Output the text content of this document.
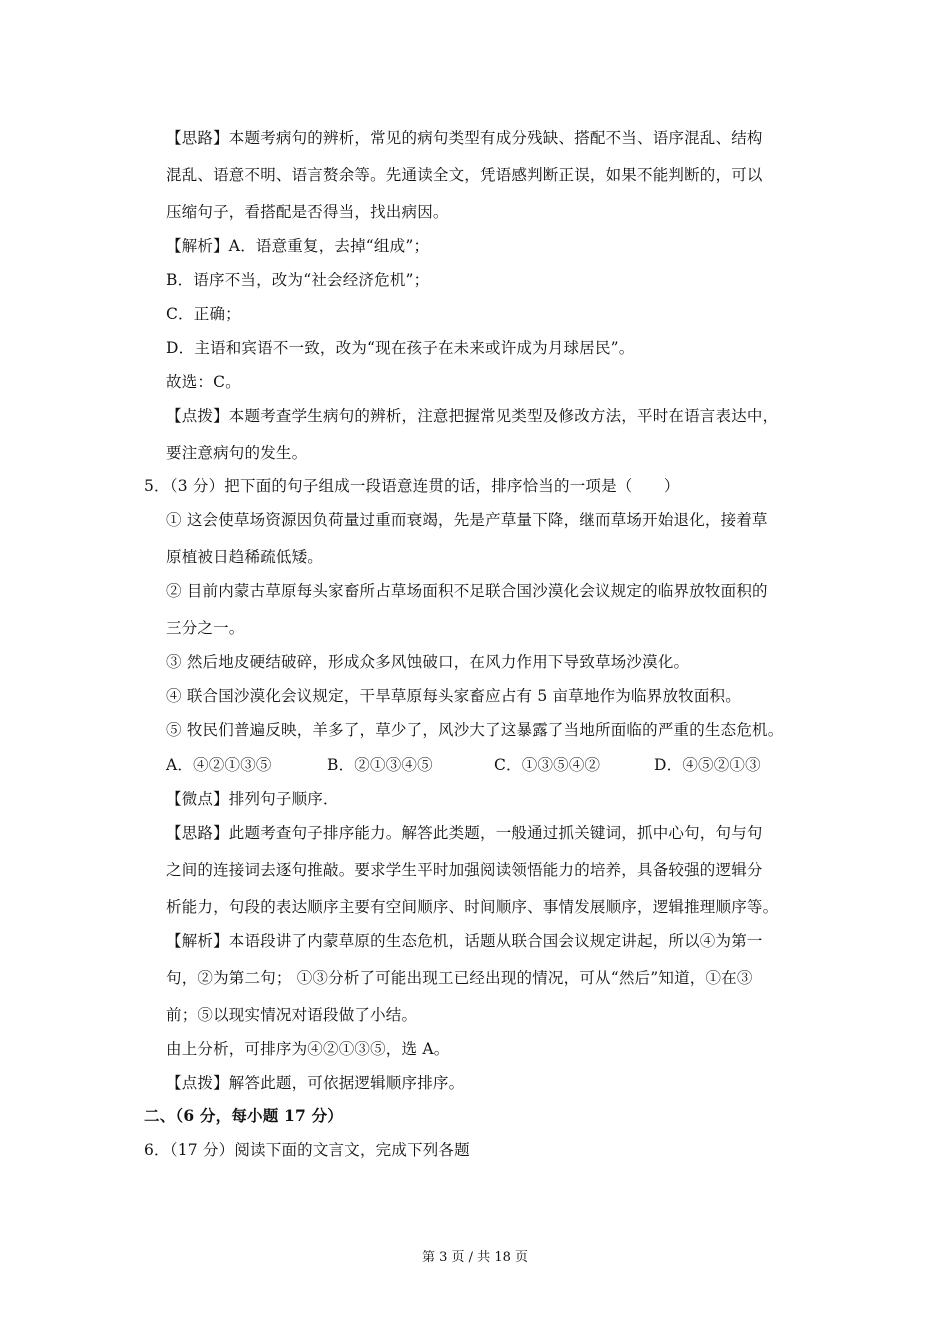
【思路】本题考病句的辨析，常见的病句类型有成分残缺、搭配不当、语序混乱、结构
混乱、语意不明、语言赘余等。先通读全文，凭语感判断正误，如果不能判断的，可以
压缩句子，看搭配是否得当，找出病因。
【解析】A．语意重复，去掉“组成”；
B．语序不当，改为“社会经济危机”；
C．正确；
D．主语和宾语不一致，改为“现在孩子在未来或许成为月球居民”。
故选：C。
【点拨】本题考查学生病句的辨析，注意把握常见类型及修改方法，平时在语言表达中，
要注意病句的发生。
5．（3 分）把下面的句子组成一段语意连贯的话，排序恰当的一项是（　　）
① 这会使草场资源因负荷量过重而衰竭，先是产草量下降，继而草场开始退化，接着草
原植被日趋稀疏低矮。
② 目前内蒙古草原每头家畜所占草场面积不足联合国沙漠化会议规定的临界放牧面积的
三分之一。
③ 然后地皮硬结破碎，形成众多风蚀破口，在风力作用下导致草场沙漠化。
④ 联合国沙漠化会议规定，干旱草原每头家畜应占有 5 亩草地作为临界放牧面积。
⑤ 牧民们普遍反映，羊多了，草少了，风沙大了这暴露了当地所面临的严重的生态危机。
A．④②①③⑤	B．②①③④⑤	C．①③⑤④②	D．④⑤②①③
【微点】排列句子顺序．
【思路】此题考查句子排序能力。解答此类题，一般通过抓关键词，抓中心句，句与句
之间的连接词去逐句推敲。要求学生平时加强阅读领悟能力的培养，具备较强的逻辑分
析能力，句段的表达顺序主要有空间顺序、时间顺序、事情发展顺序，逻辑推理顺序等。
【解析】本语段讲了内蒙草原的生态危机，话题从联合国会议规定讲起，所以④为第一
句，②为第二句； ①③分析了可能出现工已经出现的情况，可从“然后”知道，①在③
前；⑤以现实情况对语段做了小结。
由上分析，可排序为④②①③⑤，选 A。
【点拨】解答此题，可依据逻辑顺序排序。
二、（6 分，每小题 17 分）
6．（17 分）阅读下面的文言文，完成下列各题
第 3 页 / 共 18 页
